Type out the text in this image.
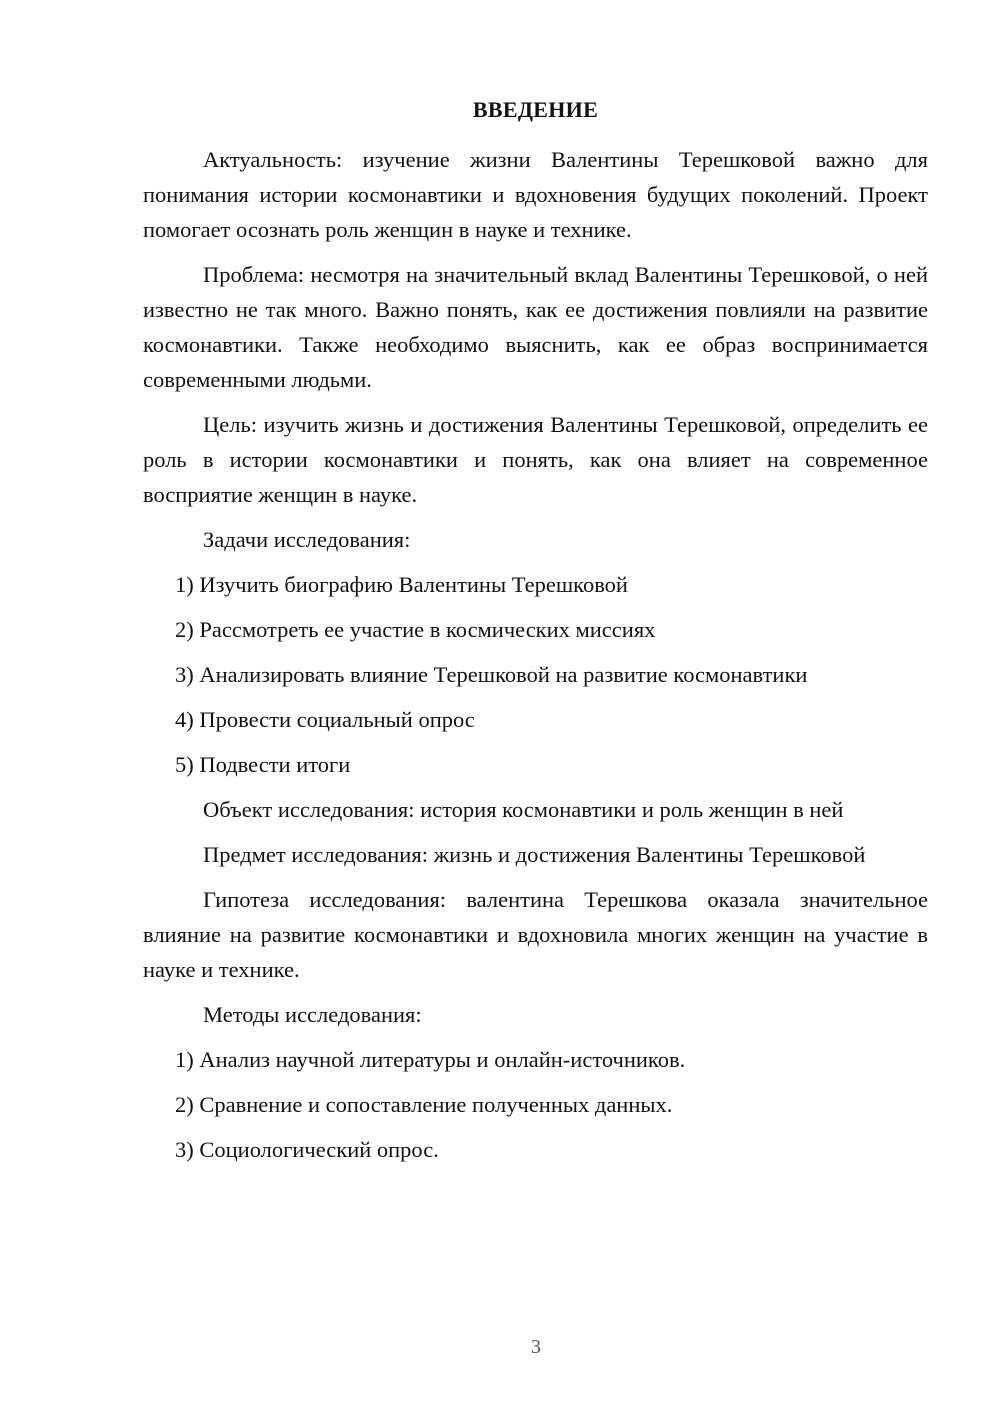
ВВЕДЕНИЕ

Актуальность: изучение жизни Валентины Терешковой важно для понимания истории космонавтики и вдохновения будущих поколений. Проект помогает осознать роль женщин в науке и технике.

Проблема: несмотря на значительный вклад Валентины Терешковой, о ней известно не так много. Важно понять, как ее достижения повлияли на развитие космонавтики. Также необходимо выяснить, как ее образ воспринимается современными людьми.

Цель: изучить жизнь и достижения Валентины Терешковой, определить ее роль в истории космонавтики и понять, как она влияет на современное восприятие женщин в науке.

Задачи исследования:

1) Изучить биографию Валентины Терешковой

2) Рассмотреть ее участие в космических миссиях

3) Анализировать влияние Терешковой на развитие космонавтики

4) Провести социальный опрос

5) Подвести итоги

Объект исследования: история космонавтики и роль женщин в ней

Предмет исследования: жизнь и достижения Валентины Терешковой

Гипотеза исследования: валентина Терешкова оказала значительное влияние на развитие космонавтики и вдохновила многих женщин на участие в науке и технике.

Методы исследования:

1) Анализ научной литературы и онлайн-источников.

2) Сравнение и сопоставление полученных данных.

3) Социологический опрос.

3
